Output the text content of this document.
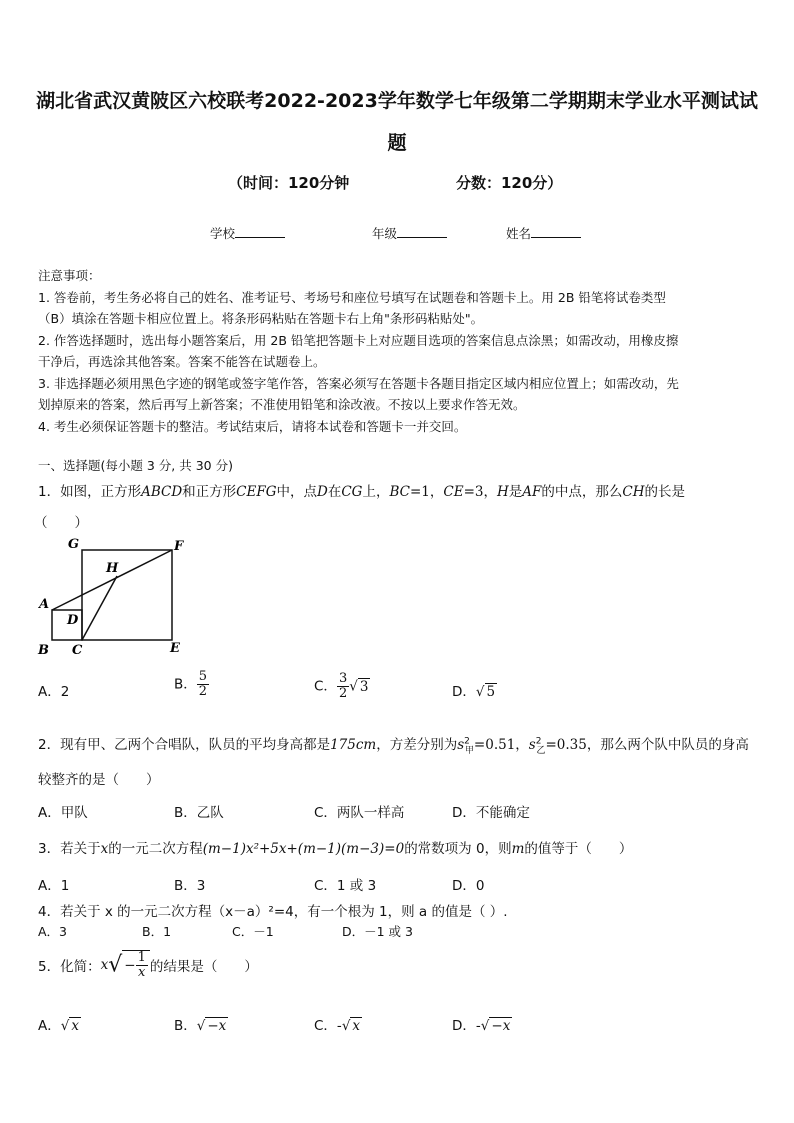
湖北省武汉黄陂区六校联考2022-2023学年数学七年级第二学期期末学业水平测试试
题
（时间：120分钟	分数：120分）
学校	年级	姓名
注意事项：
1. 答卷前，考生务必将自己的姓名、准考证号、考场号和座位号填写在试题卷和答题卡上。用 2B 铅笔将试卷类型
（B）填涂在答题卡相应位置上。将条形码粘贴在答题卡右上角"条形码粘贴处"。
2. 作答选择题时，选出每小题答案后，用 2B 铅笔把答题卡上对应题目选项的答案信息点涂黑；如需改动，用橡皮擦
干净后，再选涂其他答案。答案不能答在试题卷上。
3. 非选择题必须用黑色字迹的钢笔或签字笔作答，答案必须写在答题卡各题目指定区域内相应位置上；如需改动，先
划掉原来的答案，然后再写上新答案；不准使用铅笔和涂改液。不按以上要求作答无效。
4. 考生必须保证答题卡的整洁。考试结束后，请将本试卷和答题卡一并交回。
一、选择题(每小题 3 分, 共 30 分)
1．如图，正方形ABCD和正方形CEFG中，点D在CG上，BC=1，CE=3，H是AF的中点，那么CH的长是
（　　）
G	F
H
A
D
B C	E
A．2	B． $\frac{5}{2}$	C． $\frac{3}{2}$ √ 3	D．√ 5
2．现有甲、乙两个合唱队，队员的平均身高都是175cm，方差分别为$s^2_甲=0.51$，$s^2_乙=0.35$，那么两个队中队员的身高
较整齐的是（　　）
A．甲队	B．乙队	C．两队一样高	D．不能确定
3．若关于x的一元二次方程(m−1)x²+5x+(m−1)(m−3)=0的常数项为 0，则m的值等于（　　）
A．1	B．3	C．1 或 3	D．0
4．若关于 x 的一元二次方程（x－a）²=4，有一个根为 1，则 a 的值是（ ）.
A．3	B．1	C．－1	D．－1 或 3
5．化简：$x√ - \frac{1}{x}$ 的结果是（　　）
A．√ x	B．√ −x	C．-√ x	D．-√ −x
